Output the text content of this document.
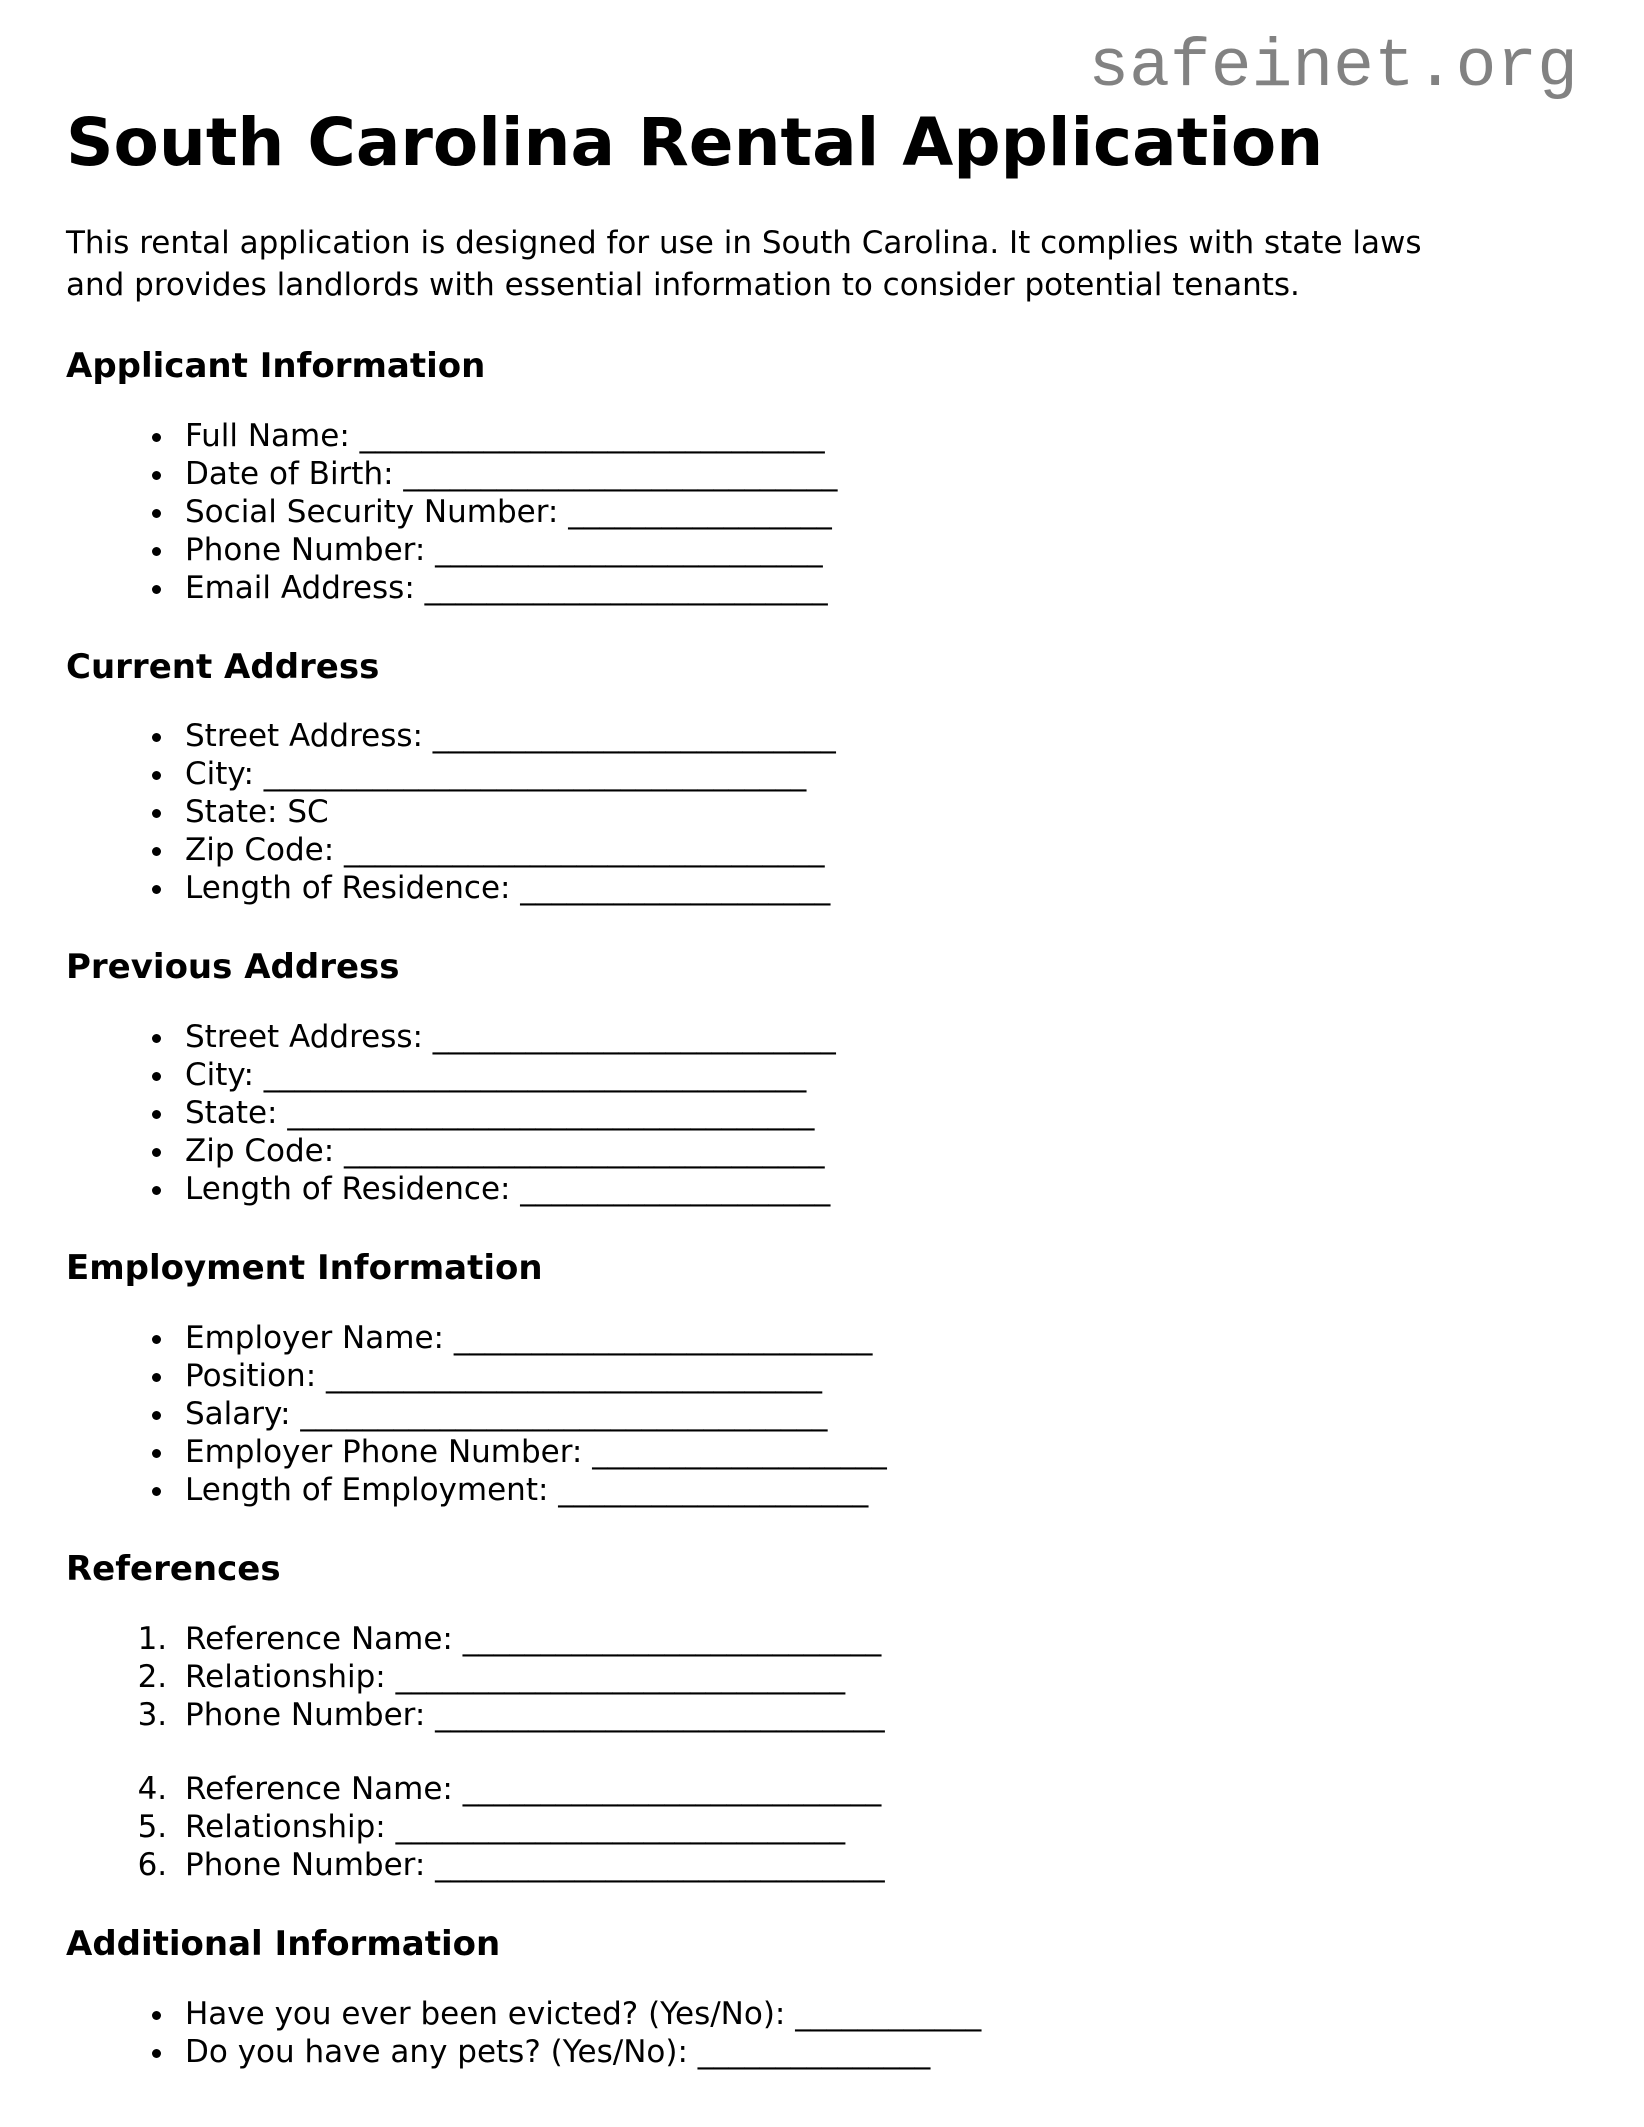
safeinet.org
South Carolina Rental Application

This rental application is designed for use in South Carolina. It complies with state laws and provides landlords with essential information to consider potential tenants.

Applicant Information
• Full Name: ______________________________
• Date of Birth: ____________________________
• Social Security Number: _________________
• Phone Number: _________________________
• Email Address: __________________________
Current Address
• Street Address: __________________________
• City: ___________________________________
• State: SC
• Zip Code: _______________________________
• Length of Residence: ____________________
Previous Address
• Street Address: __________________________
• City: ___________________________________
• State: __________________________________
• Zip Code: _______________________________
• Length of Residence: ____________________
Employment Information
• Employer Name: ___________________________
• Position: ________________________________
• Salary: __________________________________
• Employer Phone Number: ___________________
• Length of Employment: ____________________
References
1. Reference Name: ___________________________
2. Relationship: _____________________________
3. Phone Number: _____________________________
4. Reference Name: ___________________________
5. Relationship: _____________________________
6. Phone Number: _____________________________
Additional Information
• Have you ever been evicted? (Yes/No): ____________
• Do you have any pets? (Yes/No): _______________
